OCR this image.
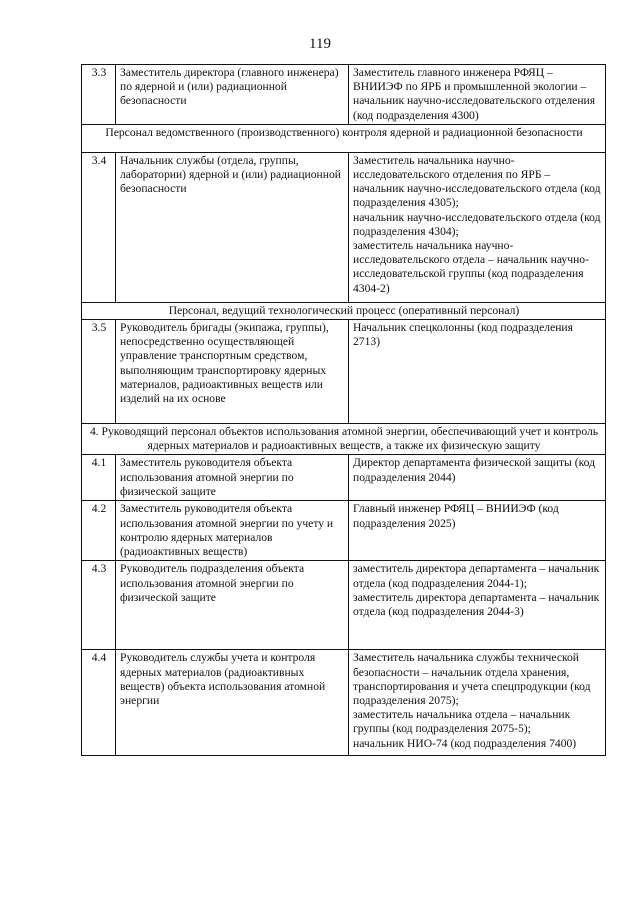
119
3.3	Заместитель директора (главного инженера) по ядерной и (или) радиационной безопасности	Заместитель главного инженера РФЯЦ – ВНИИЭФ по ЯРБ и промышленной экологии – начальник научно-исследовательского отделения (код подразделения 4300)

Персонал ведомственного (производственного) контроля ядерной и радиационной безопасности		
3.4	Начальник службы (отдела, группы, лаборатории) ядерной и (или) радиационной безопасности	Заместитель начальника научно-исследовательского отделения по ЯРБ – начальник научно-исследовательского отдела (код подразделения 4305);
начальник научно-исследовательского отдела (код подразделения 4304);
заместитель начальника научно-исследовательского отдела – начальник научно-исследовательской группы (код подразделения 4304-2)

Персонал, ведущий технологический процесс (оперативный персонал)		
3.5	Руководитель бригады (экипажа, группы), непосредственно осуществляющей управление транспортным средством, выполняющим транспортировку ядерных материалов, радиоактивных веществ или изделий на их основе	Начальник спецколонны (код подразделения 2713)

4. Руководящий персонал объектов использования атомной энергии, обеспечивающий учет и контроль ядерных материалов и радиоактивных веществ, а также их физическую защиту		
4.1	Заместитель руководителя объекта использования атомной энергии по физической защите	Директор департамента физической защиты (код подразделения 2044)

4.2	Заместитель руководителя объекта использования атомной энергии по учету и контролю ядерных материалов (радиоактивных веществ)	Главный инженер РФЯЦ – ВНИИЭФ (код подразделения 2025)

4.3	Руководитель подразделения объекта использования атомной энергии по физической защите	заместитель директора департамента – начальник отдела (код подразделения 2044-1);
заместитель директора департамента – начальник отдела (код подразделения 2044-3)

4.4	Руководитель службы учета и контроля ядерных материалов (радиоактивных веществ) объекта использования атомной энергии	Заместитель начальника службы технической безопасности – начальник отдела хранения, транспортирования и учета спецпродукции (код подразделения 2075);
заместитель начальника отдела – начальник группы (код подразделения 2075-5);
начальник НИО-74 (код подразделения 7400)
